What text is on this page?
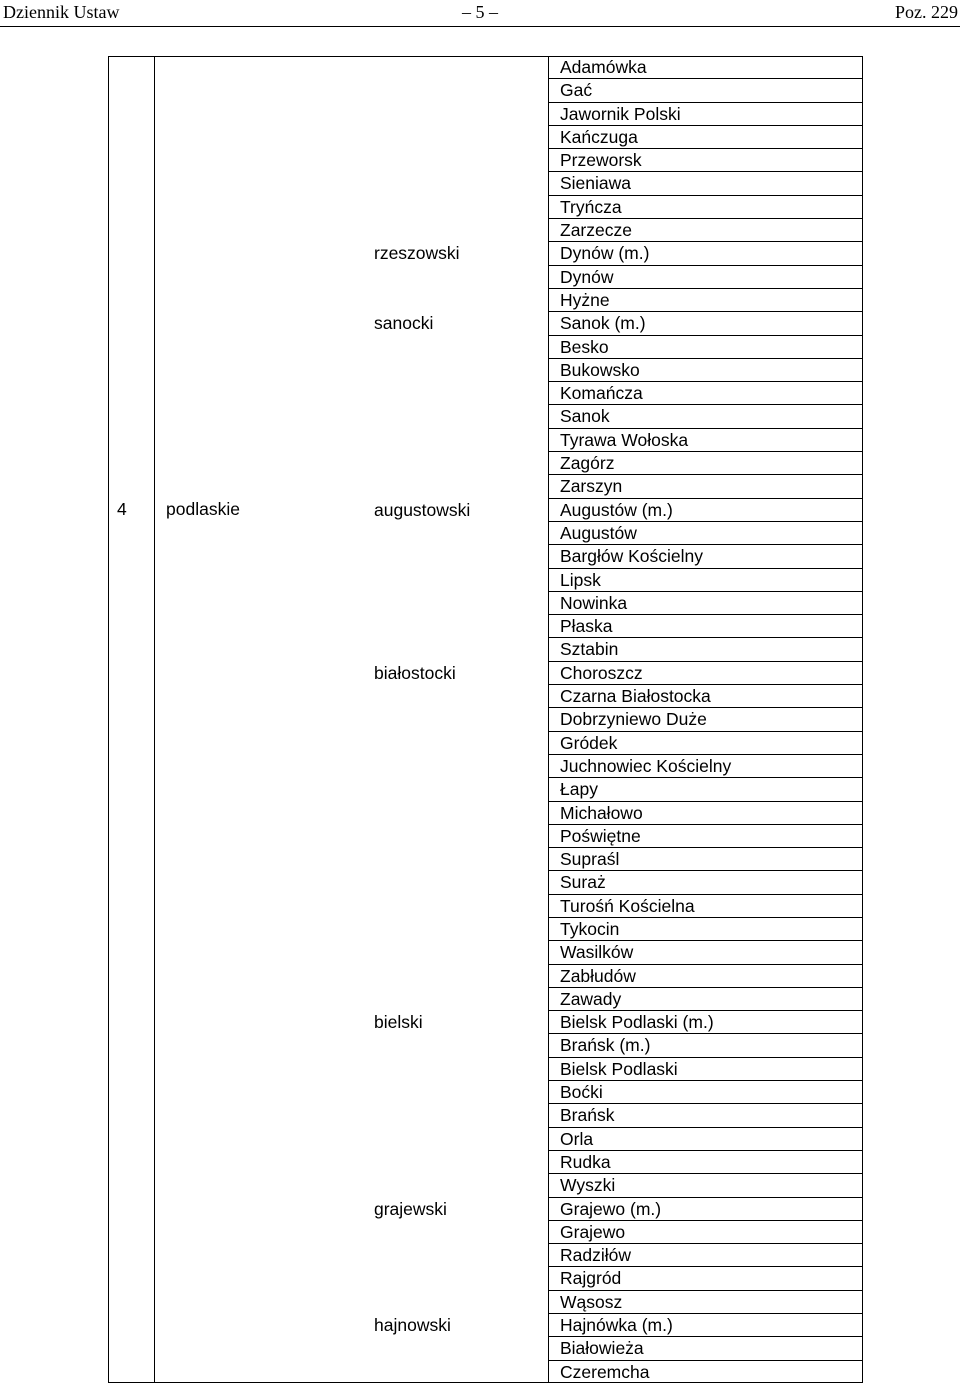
Dziennik Ustaw	– 5 –	Poz. 229
4 podlaskie
rzeszowski
sanocki
augustowski
białostocki
bielski
grajewski
hajnowski
Adamówka
Gać
Jawornik Polski
Kańczuga
Przeworsk
Sieniawa
Tryńcza
Zarzecze
Dynów (m.)
Dynów
Hyżne
Sanok (m.)
Besko
Bukowsko
Komańcza
Sanok
Tyrawa Wołoska
Zagórz
Zarszyn
Augustów (m.)
Augustów
Bargłów Kościelny
Lipsk
Nowinka
Płaska
Sztabin
Choroszcz
Czarna Białostocka
Dobrzyniewo Duże
Gródek
Juchnowiec Kościelny
Łapy
Michałowo
Poświętne
Supraśl
Suraż
Turośń Kościelna
Tykocin
Wasilków
Zabłudów
Zawady
Bielsk Podlaski (m.)
Brańsk (m.)
Bielsk Podlaski
Boćki
Brańsk
Orla
Rudka
Wyszki
Grajewo (m.)
Grajewo
Radziłów
Rajgród
Wąsosz
Hajnówka (m.)
Białowieża
Czeremcha
